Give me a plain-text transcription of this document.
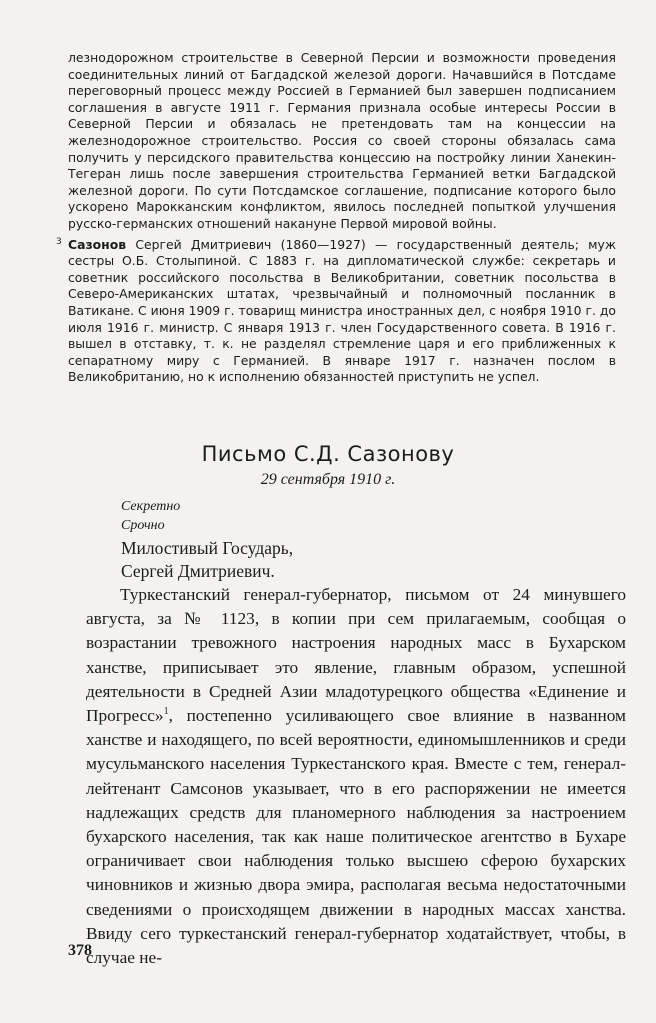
лезнодорожном строительстве в Северной Персии и возможности проведения соединительных линий от Багдадской железой дороги. Начавшийся в Потсдаме переговорный процесс между Россией в Германией был завершен подписанием соглашения в августе 1911 г. Германия признала особые интересы России в Северной Персии и обязалась не претендовать там на концессии на железнодорожное строительство. Россия со своей стороны обязалась сама получить у персидского правительства концессию на постройку линии Ханекин-Тегеран лишь после завершения строительства Германией ветки Багдадской железной дороги. По сути Потсдамское соглашение, подписание которого было ускорено Марокканским конфликтом, явилось последней попыткой улучшения русско-германских отношений накануне Первой мировой войны.

3 Сазонов Сергей Дмитриевич (1860—1927) — государственный деятель; муж сестры О.Б. Столыпиной. С 1883 г. на дипломатической службе: секретарь и советник российского посольства в Великобритании, советник посольства в Северо-Американских штатах, чрезвычайный и полномочный посланник в Ватикане. С июня 1909 г. товарищ министра иностранных дел, с ноября 1910 г. до июля 1916 г. министр. С января 1913 г. член Государственного совета. В 1916 г. вышел в отставку, т. к. не разделял стремление царя и его приближенных к сепаратному миру с Германией. В январе 1917 г. назначен послом в Великобританию, но к исполнению обязанностей приступить не успел.

Письмо С.Д. Сазонову
29 сентября 1910 г.
Секретно
Срочно
Милостивый Государь,
Сергей Дмитриевич.

Туркестанский генерал-губернатор, письмом от 24 минувшего августа, за № 1123, в копии при сем прилагаемым, сообщая о возрастании тревожного настроения народных масс в Бухарском ханстве, приписывает это явление, главным образом, успешной деятельности в Средней Азии младотурецкого общества «Единение и Прогресс»$^1$, постепенно усиливающего свое влияние в названном ханстве и находящего, по всей вероятности, единомышленников и среди мусульманского населения Туркестанского края. Вместе с тем, генерал-лейтенант Самсонов указывает, что в его распоряжении не имеется надлежащих средств для планомерного наблюдения за настроением бухарского населения, так как наше политическое агентство в Бухаре ограничивает свои наблюдения только высшею сферою бухарских чиновников и жизнью двора эмира, располагая весьма недостаточными сведениями о происходящем движении в народных массах ханства. Ввиду сего туркестанский генерал-губернатор ходатайствует, чтобы, в случае не-

378
